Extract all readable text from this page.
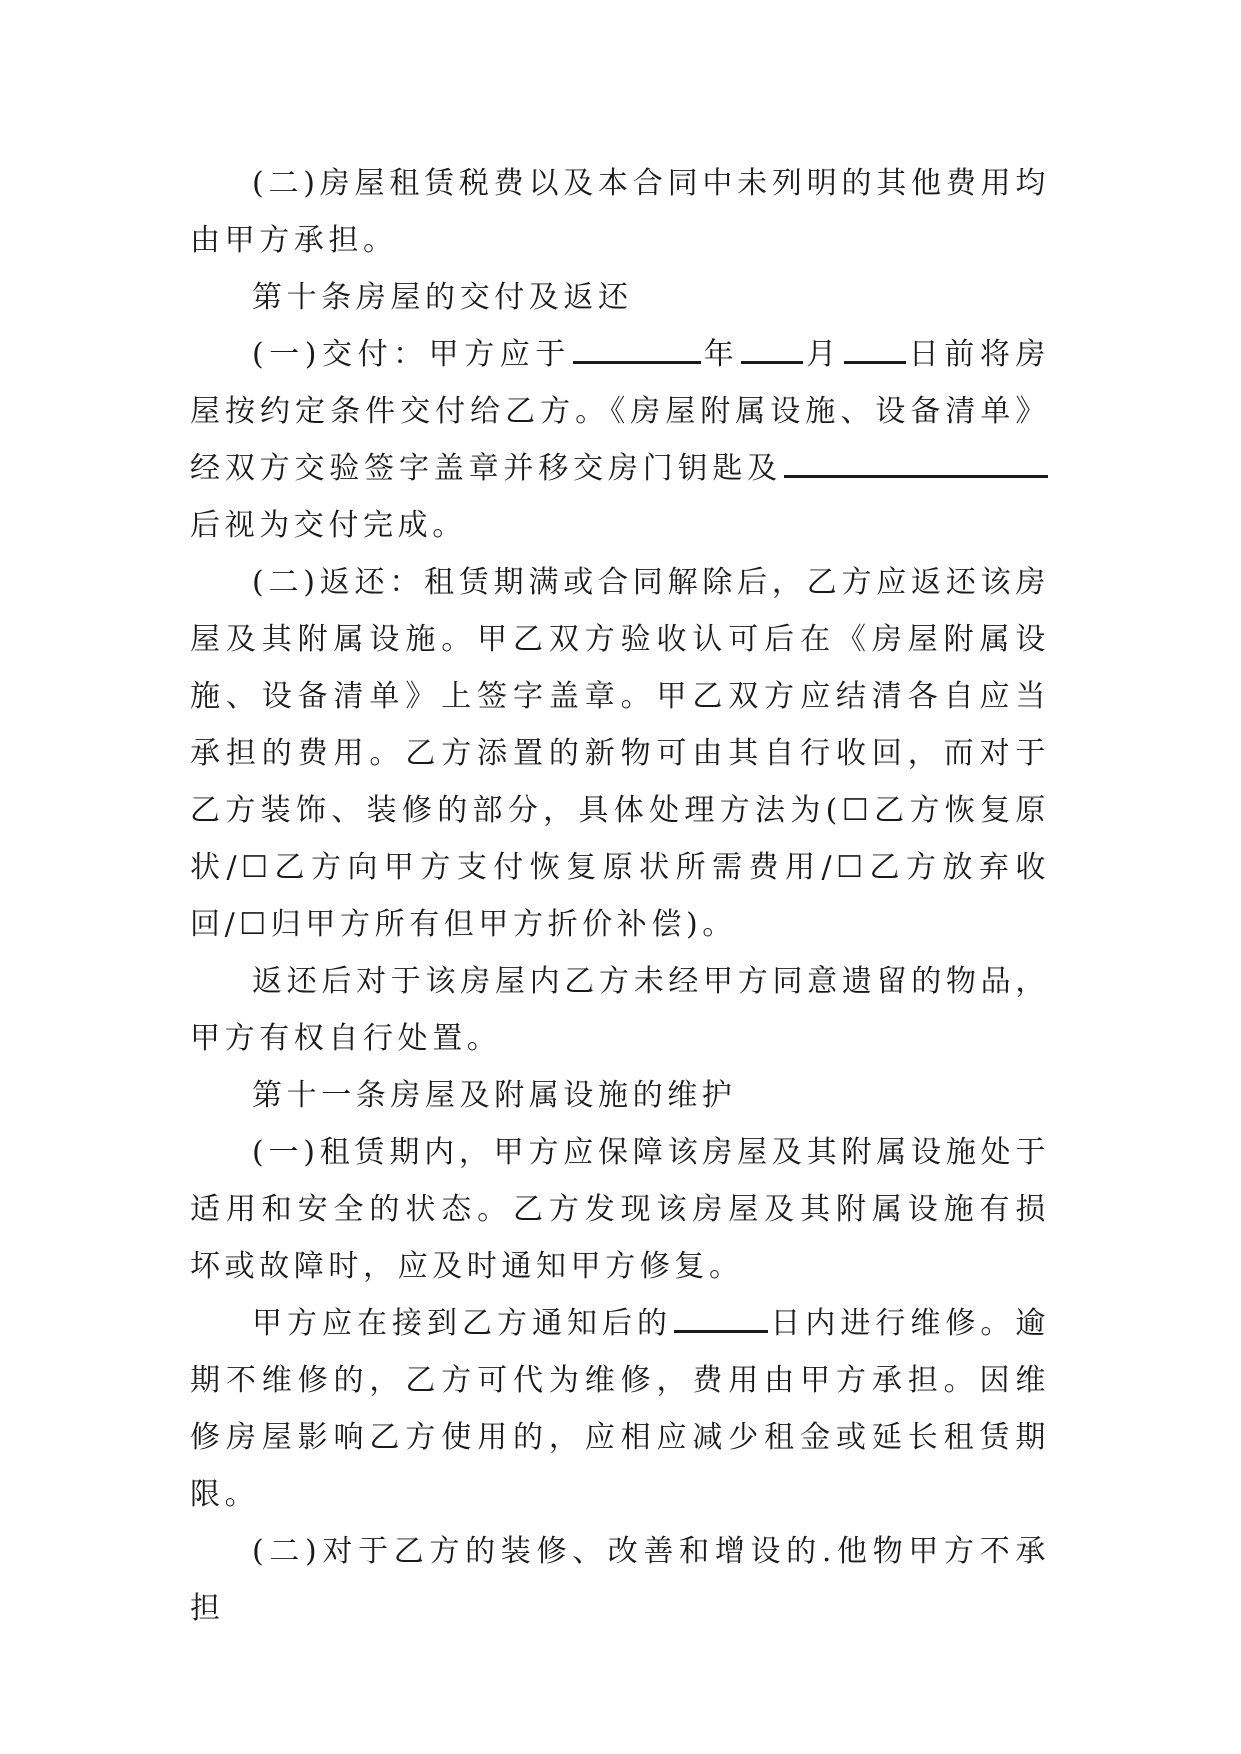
(二)房屋租赁税费以及本合同中未列明的其他费用均由甲方承担。

第十条房屋的交付及返还

(一)交付：甲方应于	年 月 日前将房屋按约定条件交付给乙方。《房屋附属设施、设备清单》经双方交验签字盖章并移交房门钥匙及后视为交付完成。

(二)返还：租赁期满或合同解除后，乙方应返还该房屋及其附属设施。甲乙双方验收认可后在《房屋附属设施、设备清单》上签字盖章。甲乙双方应结清各自应当承担的费用。乙方添置的新物可由其自行收回，而对于乙方装饰、装修的部分，具体处理方法为(☐乙方恢复原状/☐乙方向甲方支付恢复原状所需费用/☐乙方放弃收回/☐归甲方所有但甲方折价补偿)。

返还后对于该房屋内乙方未经甲方同意遗留的物品，甲方有权自行处置。

第十一条房屋及附属设施的维护

(一)租赁期内，甲方应保障该房屋及其附属设施处于适用和安全的状态。乙方发现该房屋及其附属设施有损坏或故障时，应及时通知甲方修复。

甲方应在接到乙方通知后的	日内进行维修。逾期不维修的，乙方可代为维修，费用由甲方承担。因维修房屋影响乙方使用的，应相应减少租金或延长租赁期限。

(二)对于乙方的装修、改善和增设的.他物甲方不承担
